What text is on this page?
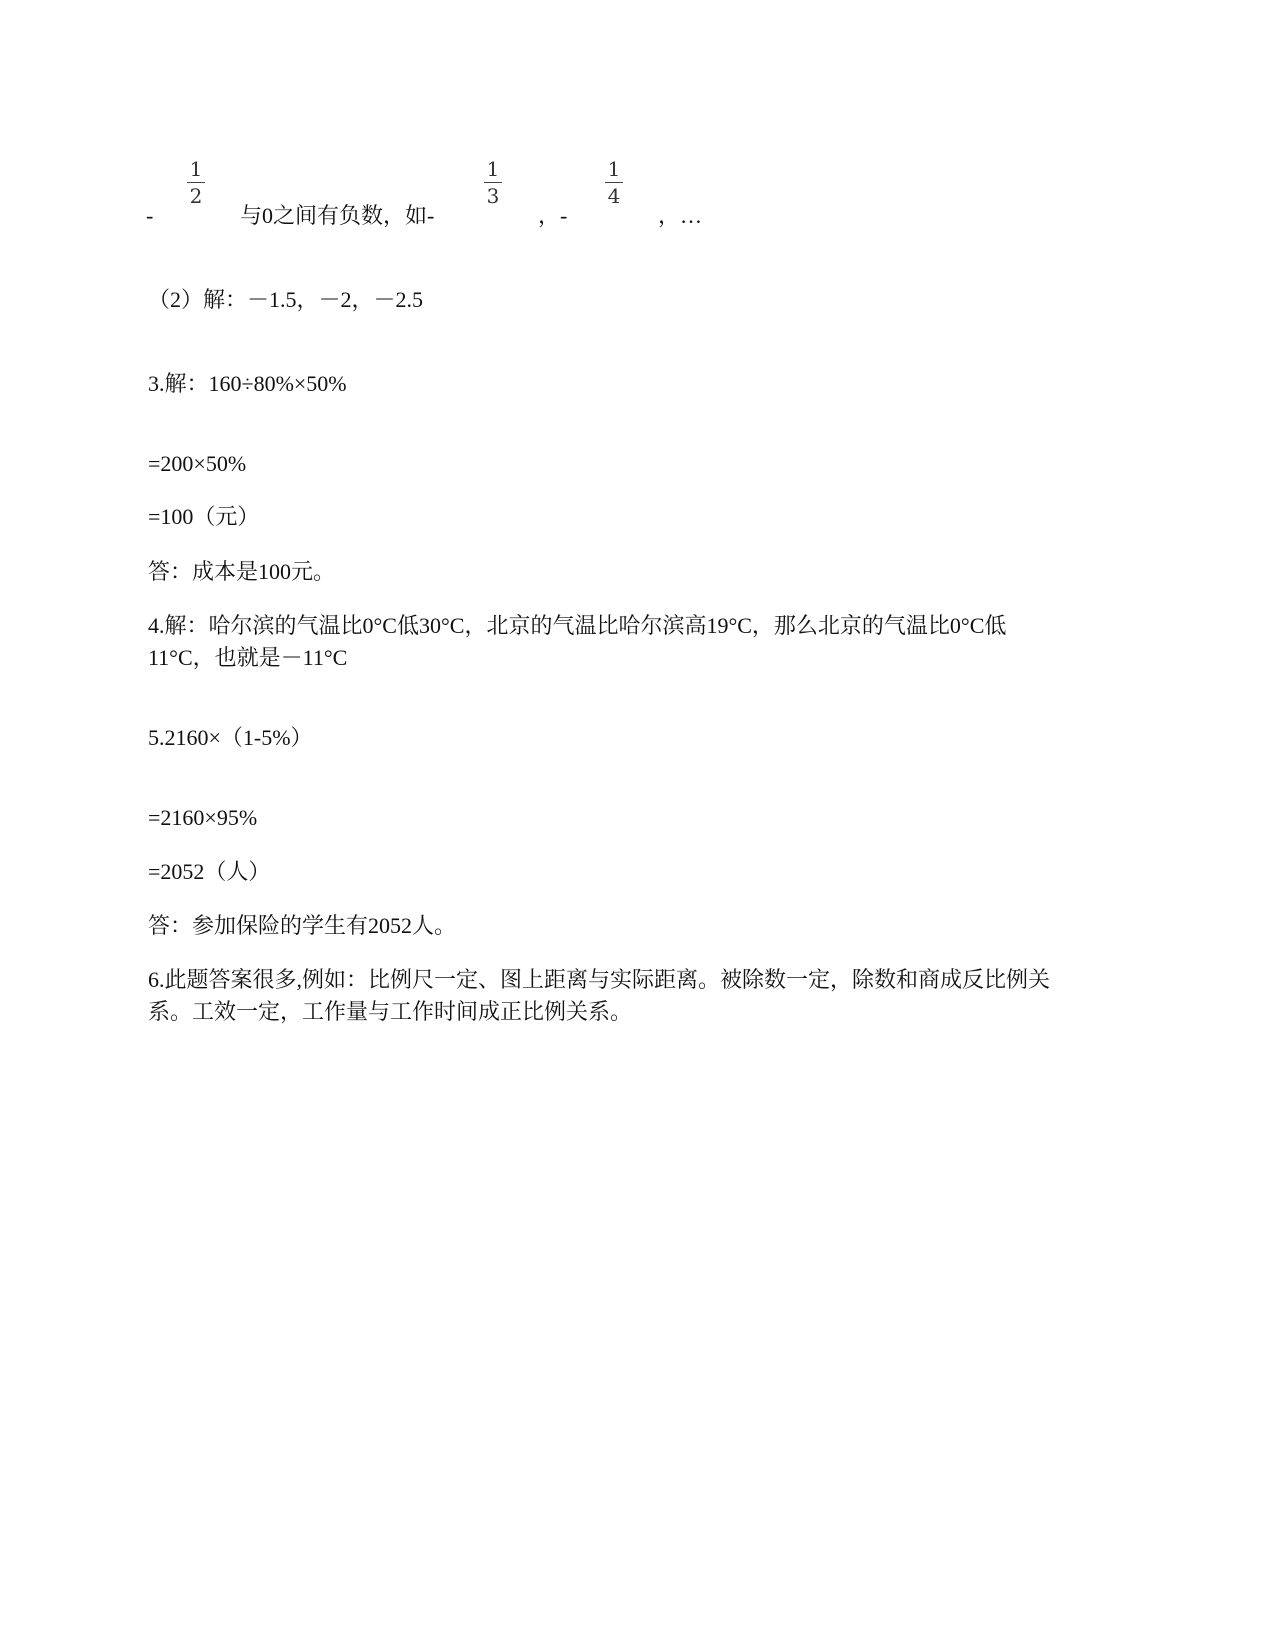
-
1
2
与0之间有负数，如-
1
3
，-
1
4
，…
（2）解：－1.5，－2，－2.5
3.解：160÷80%×50%
=200×50%
=100（元）
答：成本是100元。
4.解：哈尔滨的气温比0°C低30°C，北京的气温比哈尔滨高19°C，那么北京的气温比0°C低11°C，也就是－11°C
5.2160×（1-5%）
=2160×95%
=2052（人）
答：参加保险的学生有2052人。
6.此题答案很多,例如：比例尺一定、图上距离与实际距离。被除数一定，除数和商成反比例关系。工效一定，工作量与工作时间成正比例关系。
